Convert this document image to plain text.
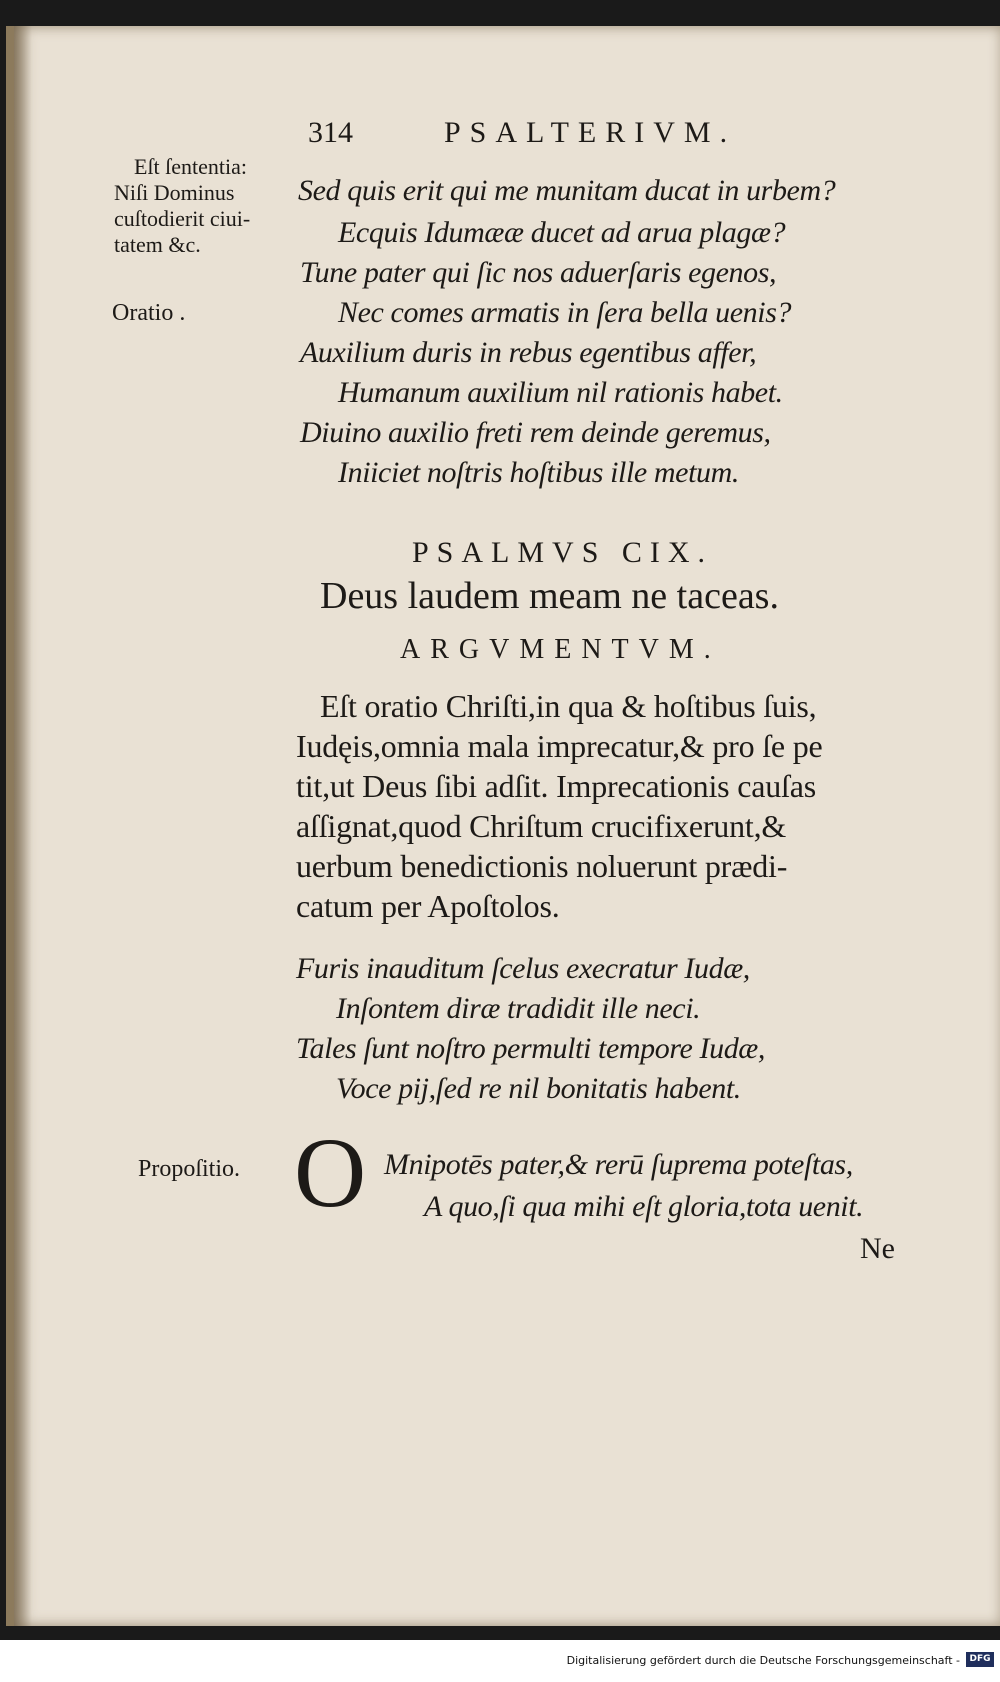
314	PSALTERIVM.
Eſt ſententia:
Niſi Dominus
cuſtodierit ciui-
tatem &c.
Oratio .
Sed quis erit qui me munitam ducat in urbem?
Ecquis Idumææ ducet ad arua plagæ?
Tune pater qui ſic nos aduerſaris egenos,
Nec comes armatis in ſera bella uenis?
Auxilium duris in rebus egentibus affer,
Humanum auxilium nil rationis habet.
Diuino auxilio freti rem deinde geremus,
Iniiciet noſtris hoſtibus ille metum.
PSALMVS CIX.
Deus laudem meam ne taceas.
ARGVMENTVM.
Eſt oratio Chriſti,in qua & hoſtibus ſuis,
Iudęis,omnia mala imprecatur,& pro ſe pe
tit,ut Deus ſibi adſit. Imprecationis cauſas
aſſignat,quod Chriſtum crucifixerunt,&
uerbum benedictionis noluerunt prædi-
catum per Apoſtolos.
Furis inauditum ſcelus execratur Iudæ,
Inſontem diræ tradidit ille neci.
Tales ſunt noſtro permulti tempore Iudæ,
Voce pij,ſed re nil bonitatis habent.
Propoſitio. O Mnipotēs pater,& rerū ſuprema poteſtas,
A quo,ſi qua mihi eſt gloria,tota uenit.
Ne
Digitalisierung gefördert durch die Deutsche Forschungsgemeinschaft -	DFG
